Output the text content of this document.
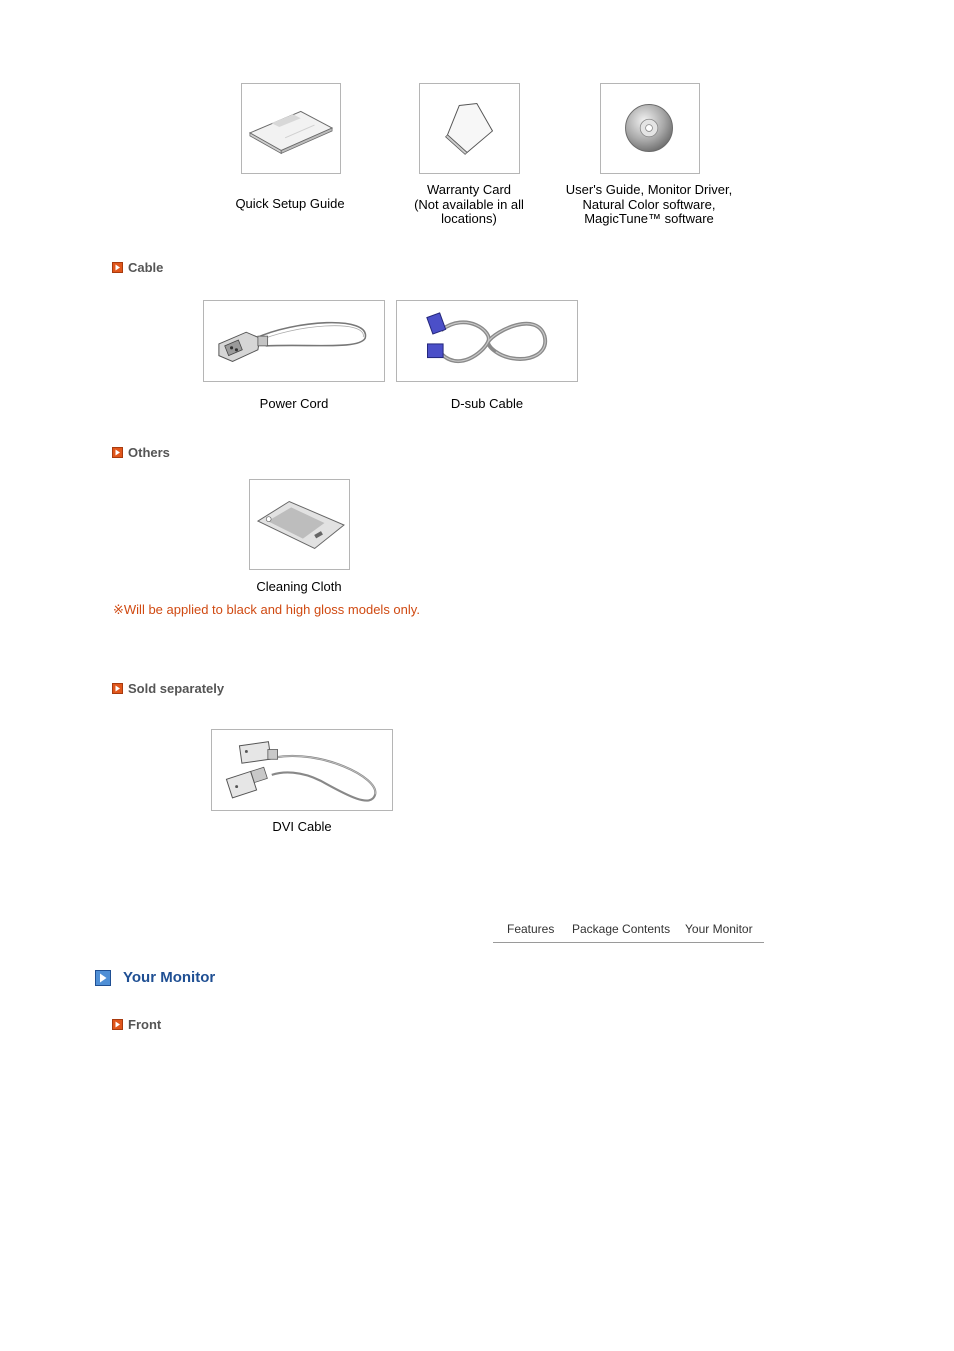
Quick Setup Guide
Warranty Card
(Not available in all
locations)
User's Guide, Monitor Driver,
Natural Color software,
MagicTune™ software
Cable
Power Cord	D-sub Cable
Others
Cleaning Cloth
※Will be applied to black and high gloss models only.
Sold separately
DVI Cable
Features Package Contents Your Monitor
Your Monitor
Front
